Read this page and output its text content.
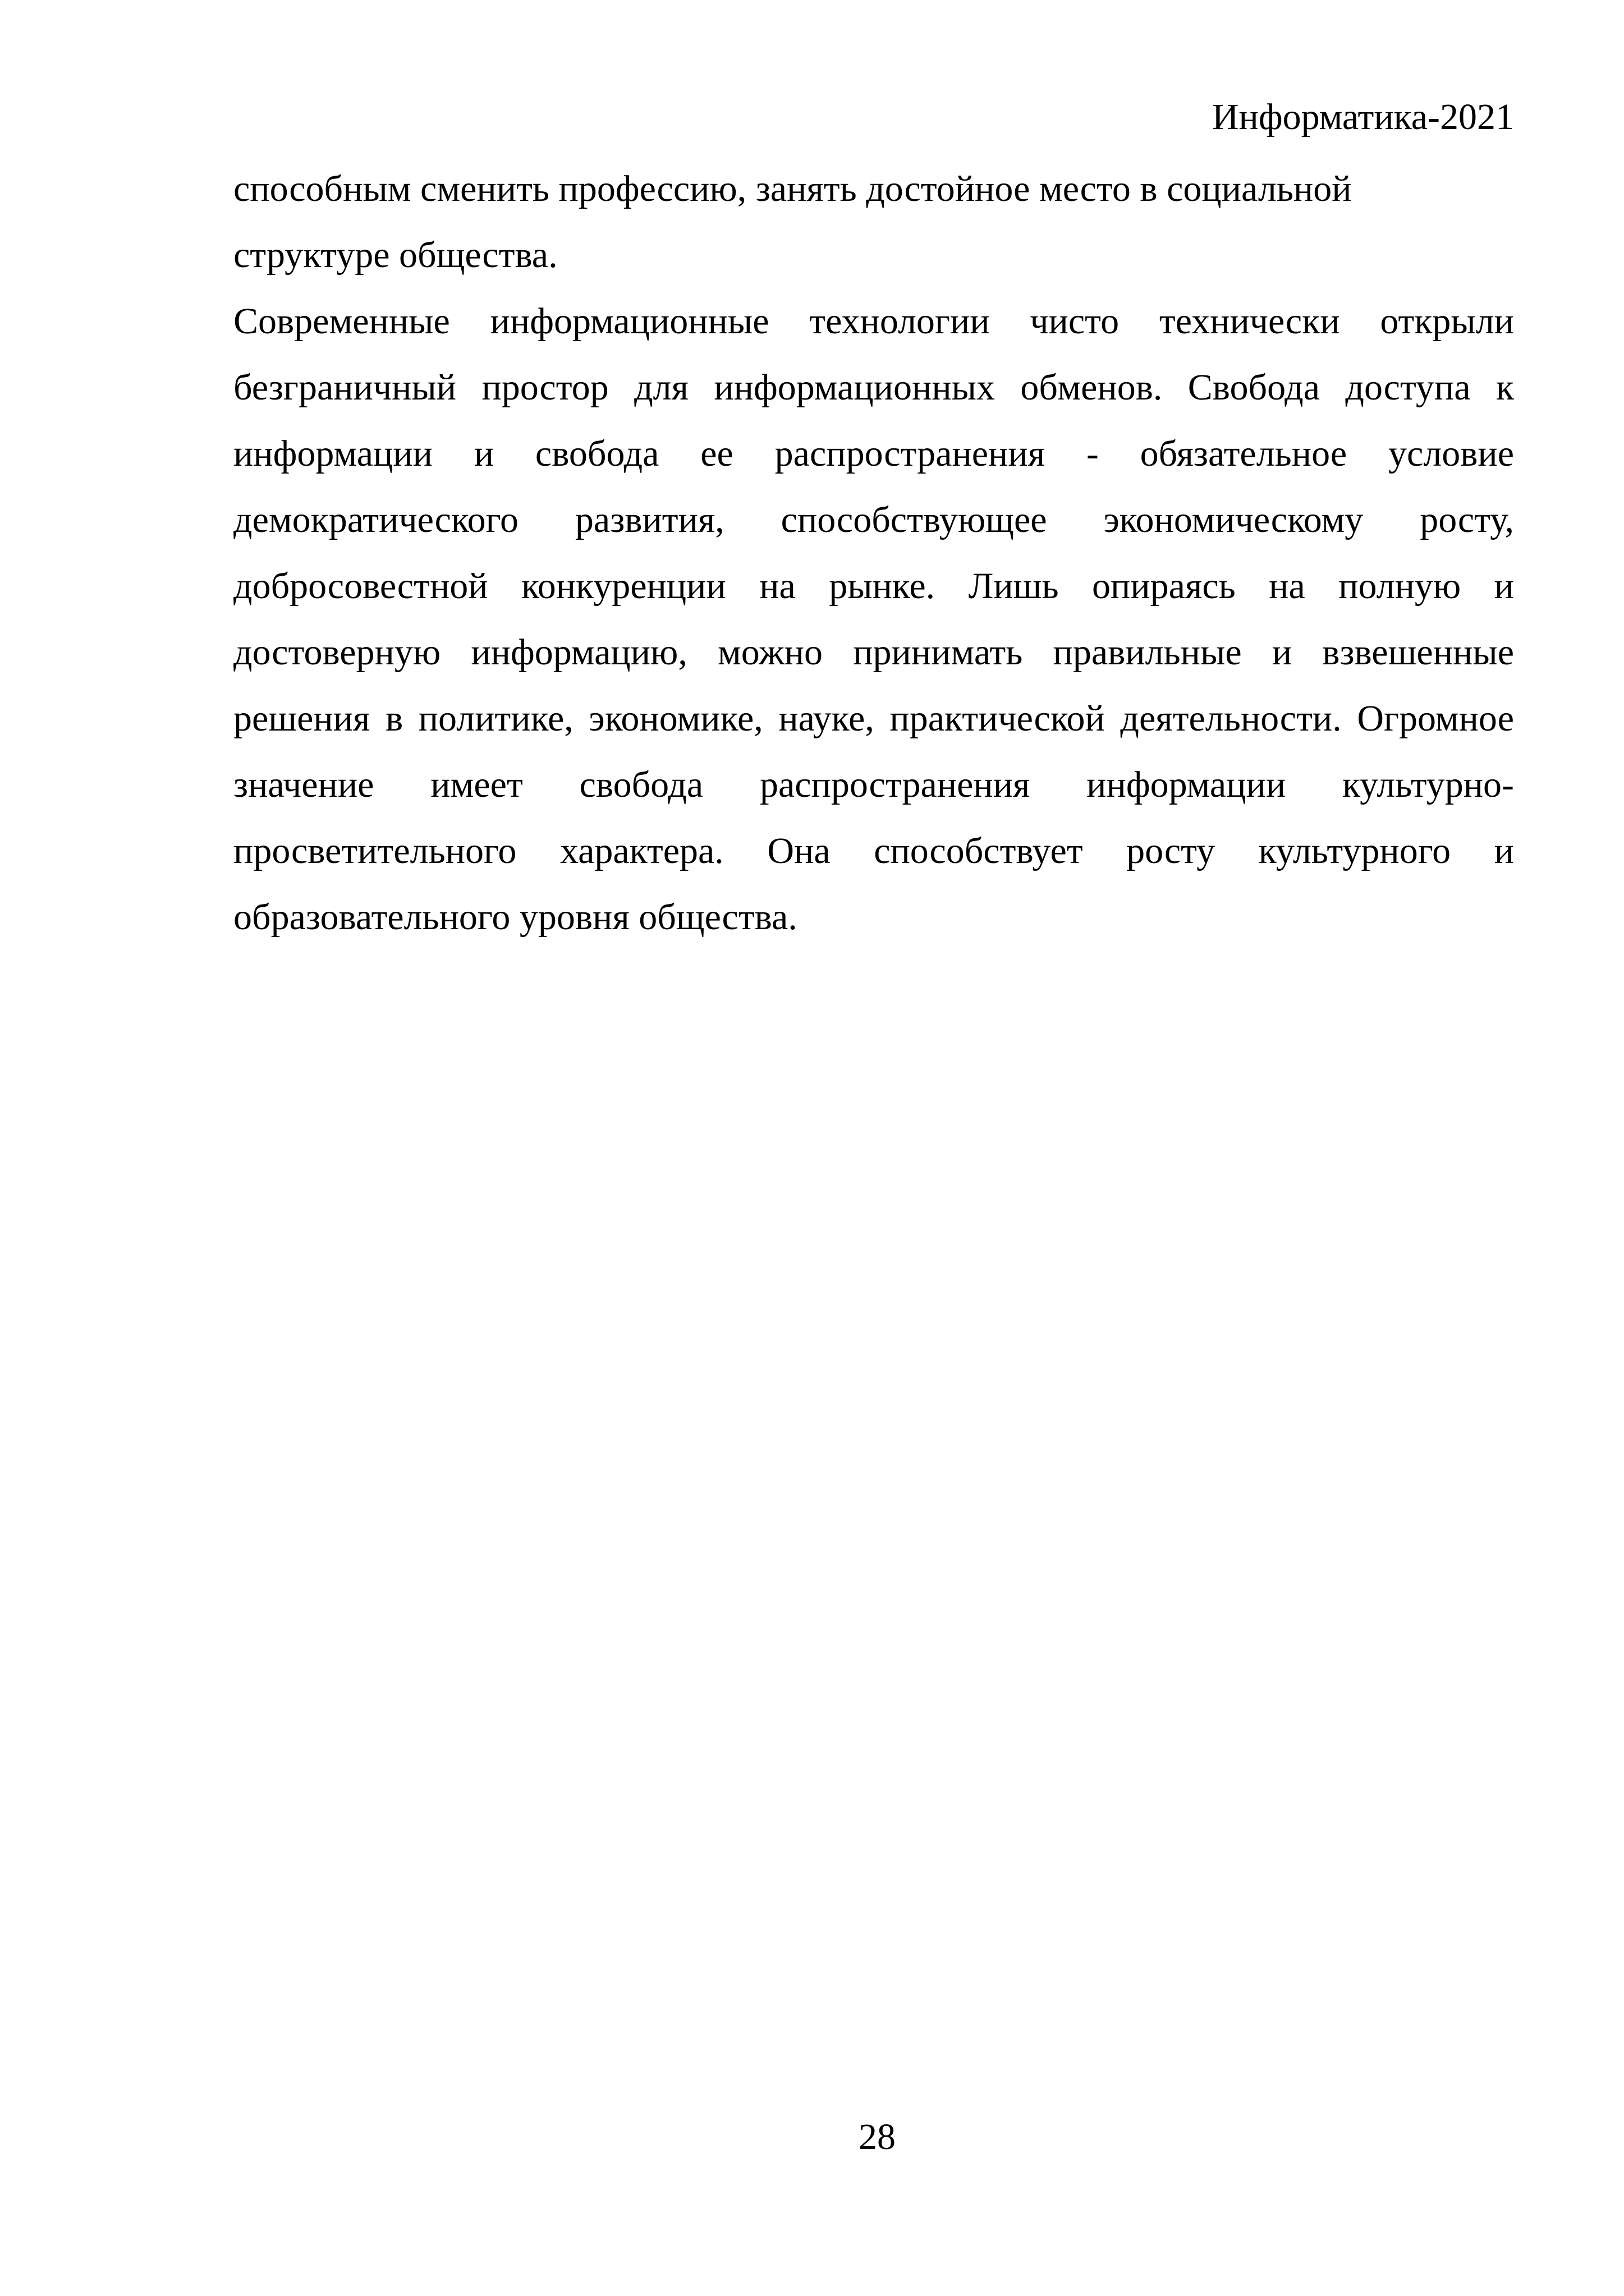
Информатика-2021

способным сменить профессию, занять достойное место в социальной структуре общества.

Современные информационные технологии чисто технически открыли безграничный простор для информационных обменов. Свобода доступа к информации и свобода ее распространения - обязательное условие демократического развития, способствующее экономическому росту, добросовестной конкуренции на рынке. Лишь опираясь на полную и достоверную информацию, можно принимать правильные и взвешенные решения в политике, экономике, науке, практической деятельности. Огромное значение имеет свобода распространения информации культурно-просветительного характера. Она способствует росту культурного и образовательного уровня общества.

28
